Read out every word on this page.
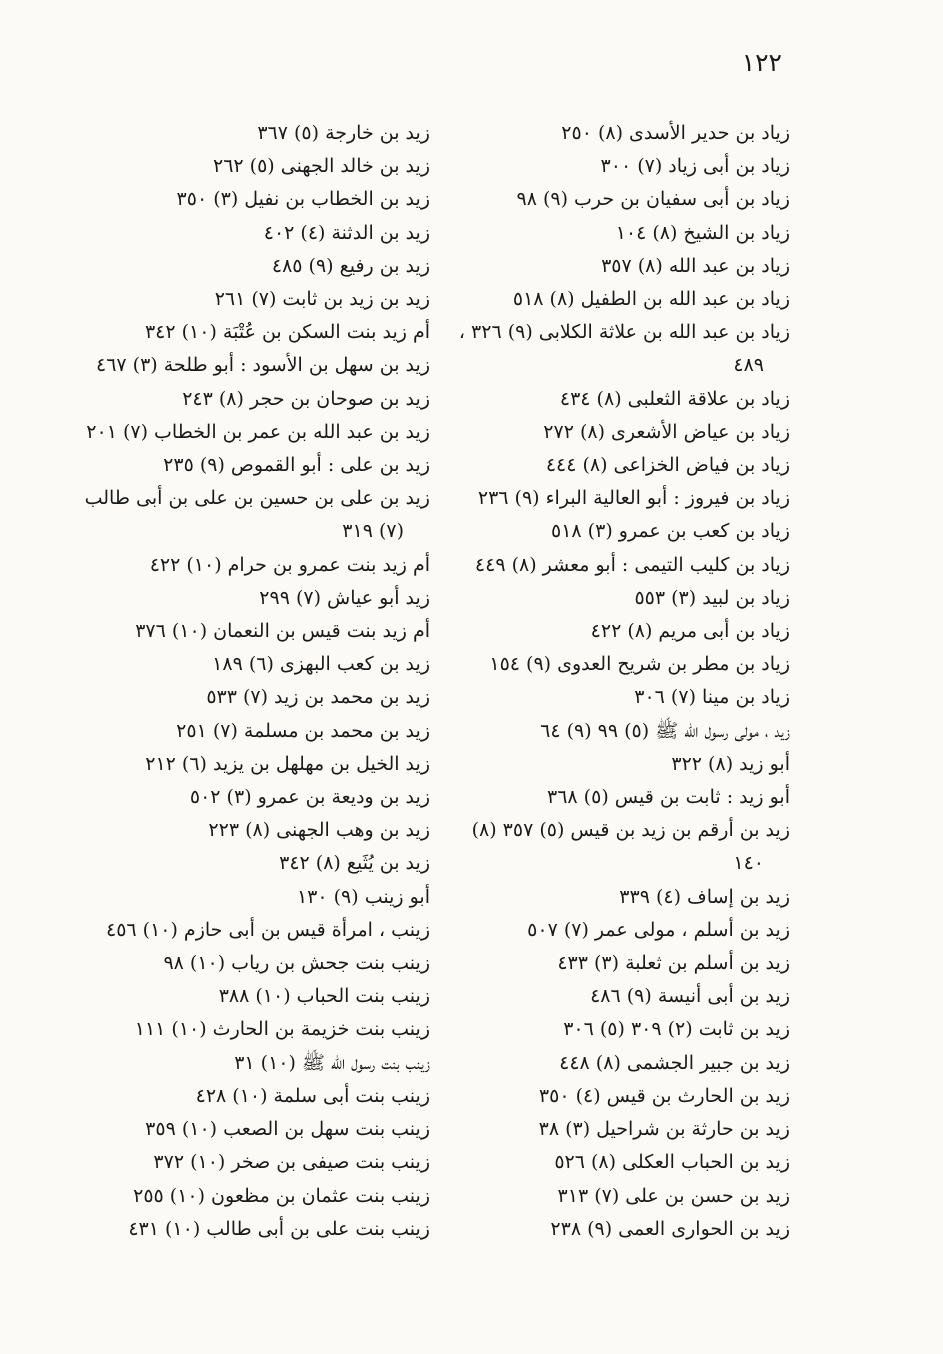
١٢٢

زياد بن حدير الأسدى (٨) ٢٥٠

زياد بن أبى زياد (٧) ٣٠٠

زياد بن أبى سفيان بن حرب (٩) ٩٨

زياد بن الشيخ (٨) ١٠٤

زياد بن عبد الله (٨) ٣٥٧

زياد بن عبد الله بن الطفيل (٨) ٥١٨

زياد بن عبد الله بن علاثة الكلابى (٩) ٣٢٦ ،

٤٨٩

زياد بن علاقة الثعلبى (٨) ٤٣٤

زياد بن عياض الأشعرى (٨) ٢٧٢

زياد بن فياض الخزاعى (٨) ٤٤٤

زياد بن فيروز : أبو العالية البراء (٩) ٢٣٦

زياد بن كعب بن عمرو (٣) ٥١٨

زياد بن كليب التيمى : أبو معشر (٨) ٤٤٩

زياد بن لبيد (٣) ٥٥٣

زياد بن أبى مريم (٨) ٤٢٢

زياد بن مطر بن شريح العدوى (٩) ١٥٤

زياد بن مينا (٧) ٣٠٦

زيد ، مولى رسول الله ﷺ (٥) ٩٩ (٩) ٦٤

أبو زيد (٨) ٣٢٢

أبو زيد : ثابت بن قيس (٥) ٣٦٨

زيد بن أرقم بن زيد بن قيس (٥) ٣٥٧ (٨)

١٤٠

زيد بن إساف (٤) ٣٣٩

زيد بن أسلم ، مولى عمر (٧) ٥٠٧

زيد بن أسلم بن ثعلبة (٣) ٤٣٣

زيد بن أبى أنيسة (٩) ٤٨٦

زيد بن ثابت (٢) ٣٠٩ (٥) ٣٠٦

زيد بن جبير الجشمى (٨) ٤٤٨

زيد بن الحارث بن قيس (٤) ٣٥٠

زيد بن حارثة بن شراحيل (٣) ٣٨

زيد بن الحباب العكلى (٨) ٥٢٦

زيد بن حسن بن على (٧) ٣١٣

زيد بن الحوارى العمى (٩) ٢٣٨

زيد بن خارجة (٥) ٣٦٧

زيد بن خالد الجهنى (٥) ٢٦٢

زيد بن الخطاب بن نفيل (٣) ٣٥٠

زيد بن الدثنة (٤) ٤٠٢

زيد بن رفيع (٩) ٤٨٥

زيد بن زيد بن ثابت (٧) ٢٦١

أم زيد بنت السكن بن عُتْبَة (١٠) ٣٤٢

زيد بن سهل بن الأسود : أبو طلحة (٣) ٤٦٧

زيد بن صوحان بن حجر (٨) ٢٤٣

زيد بن عبد الله بن عمر بن الخطاب (٧) ٢٠١

زيد بن على : أبو القموص (٩) ٢٣٥

زيد بن على بن حسين بن على بن أبى طالب

(٧) ٣١٩

أم زيد بنت عمرو بن حرام (١٠) ٤٢٢

زيد أبو عياش (٧) ٢٩٩

أم زيد بنت قيس بن النعمان (١٠) ٣٧٦

زيد بن كعب البهزى (٦) ١٨٩

زيد بن محمد بن زيد (٧) ٥٣٣

زيد بن محمد بن مسلمة (٧) ٢٥١

زيد الخيل بن مهلهل بن يزيد (٦) ٢١٢

زيد بن وديعة بن عمرو (٣) ٥٠٢

زيد بن وهب الجهنى (٨) ٢٢٣

زيد بن يُثَيع (٨) ٣٤٢

أبو زينب (٩) ١٣٠

زينب ، امرأة قيس بن أبى حازم (١٠) ٤٥٦

زينب بنت جحش بن رياب (١٠) ٩٨

زينب بنت الحباب (١٠) ٣٨٨

زينب بنت خزيمة بن الحارث (١٠) ١١١

زينب بنت رسول الله ﷺ (١٠) ٣١

زينب بنت أبى سلمة (١٠) ٤٢٨

زينب بنت سهل بن الصعب (١٠) ٣٥٩

زينب بنت صيفى بن صخر (١٠) ٣٧٢

زينب بنت عثمان بن مظعون (١٠) ٢٥٥

زينب بنت على بن أبى طالب (١٠) ٤٣١
